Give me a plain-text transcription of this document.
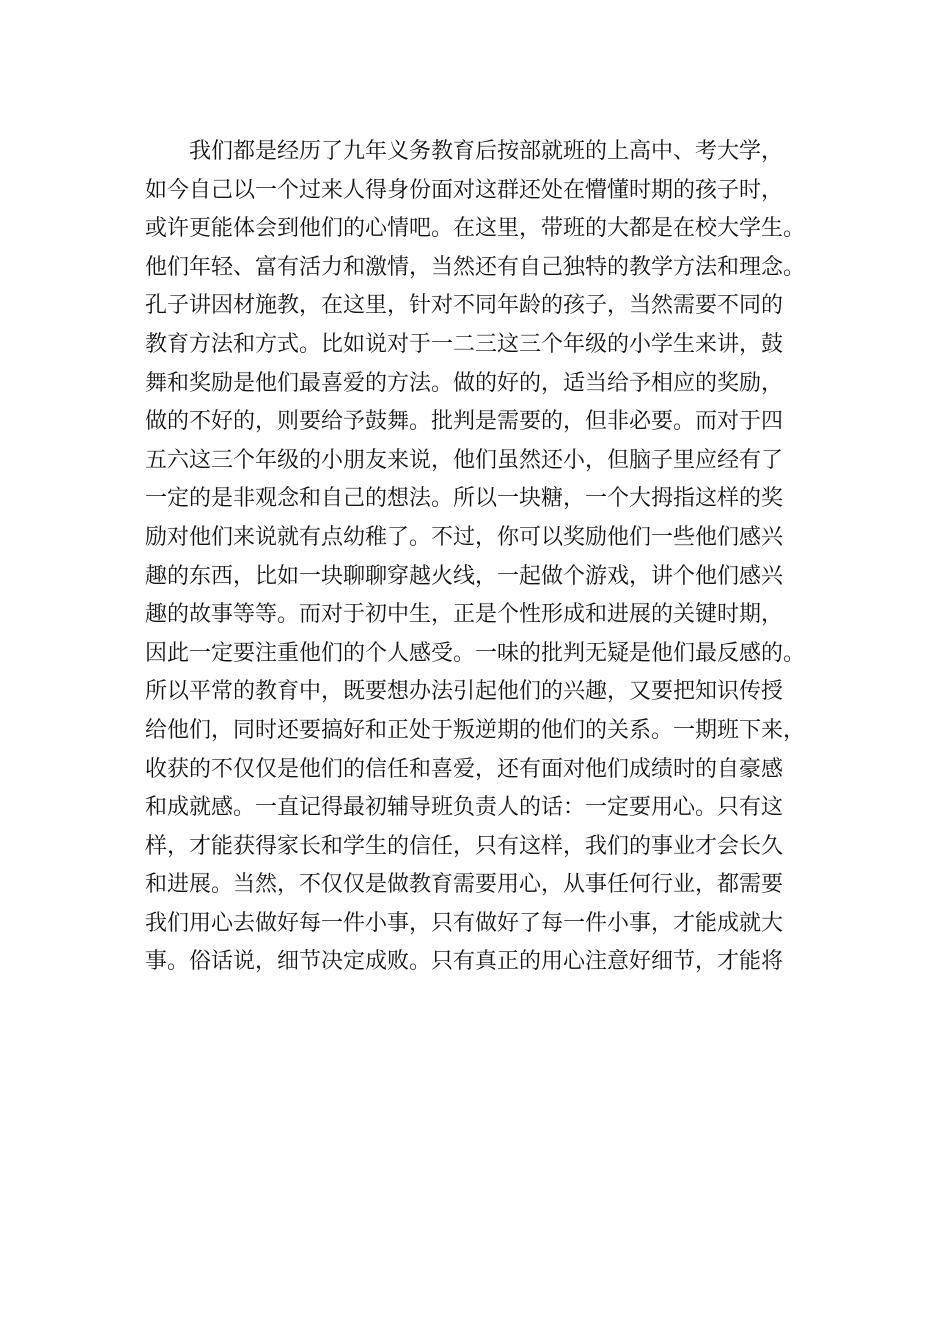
我们都是经历了九年义务教育后按部就班的上高中、考大学，
如今自己以一个过来人得身份面对这群还处在懵懂时期的孩子时，
或许更能体会到他们的心情吧。在这里，带班的大都是在校大学生。
他们年轻、富有活力和激情，当然还有自己独特的教学方法和理念。
孔子讲因材施教，在这里，针对不同年龄的孩子，当然需要不同的
教育方法和方式。比如说对于一二三这三个年级的小学生来讲，鼓
舞和奖励是他们最喜爱的方法。做的好的，适当给予相应的奖励，
做的不好的，则要给予鼓舞。批判是需要的，但非必要。而对于四
五六这三个年级的小朋友来说，他们虽然还小，但脑子里应经有了
一定的是非观念和自己的想法。所以一块糖，一个大拇指这样的奖
励对他们来说就有点幼稚了。不过，你可以奖励他们一些他们感兴
趣的东西，比如一块聊聊穿越火线，一起做个游戏，讲个他们感兴
趣的故事等等。而对于初中生，正是个性形成和进展的关键时期，
因此一定要注重他们的个人感受。一味的批判无疑是他们最反感的。
所以平常的教育中，既要想办法引起他们的兴趣，又要把知识传授
给他们，同时还要搞好和正处于叛逆期的他们的关系。一期班下来，
收获的不仅仅是他们的信任和喜爱，还有面对他们成绩时的自豪感
和成就感。一直记得最初辅导班负责人的话：一定要用心。只有这
样，才能获得家长和学生的信任，只有这样，我们的事业才会长久
和进展。当然，不仅仅是做教育需要用心，从事任何行业，都需要
我们用心去做好每一件小事，只有做好了每一件小事，才能成就大
事。俗话说，细节决定成败。只有真正的用心注意好细节，才能将
